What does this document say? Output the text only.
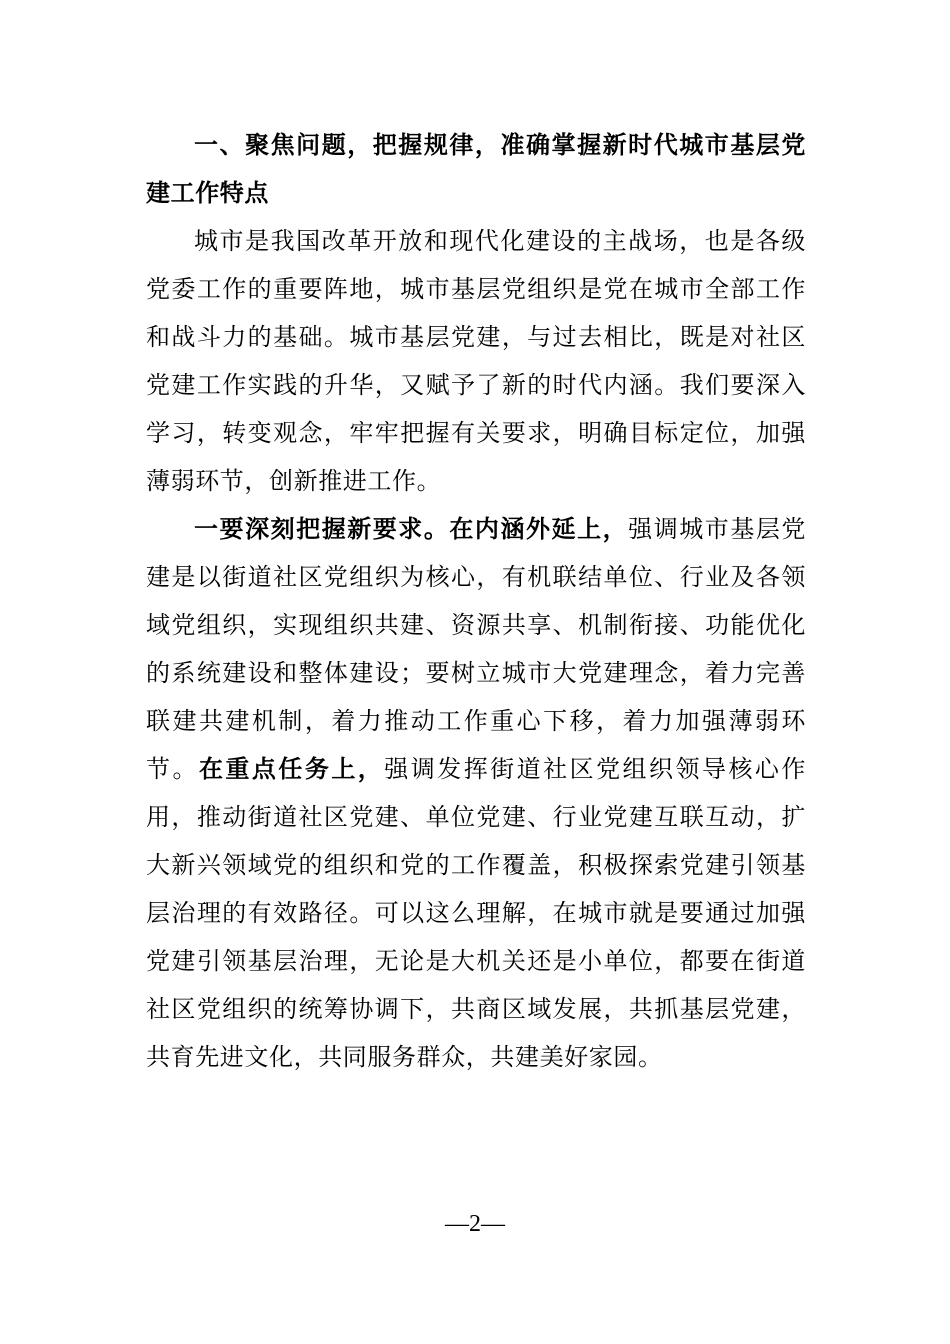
一、聚焦问题，把握规律，准确掌握新时代城市基层党建工作特点

城市是我国改革开放和现代化建设的主战场，也是各级党委工作的重要阵地，城市基层党组织是党在城市全部工作和战斗力的基础。城市基层党建，与过去相比，既是对社区党建工作实践的升华，又赋予了新的时代内涵。我们要深入学习，转变观念，牢牢把握有关要求，明确目标定位，加强薄弱环节，创新推进工作。

一要深刻把握新要求。在内涵外延上，强调城市基层党建是以街道社区党组织为核心，有机联结单位、行业及各领域党组织，实现组织共建、资源共享、机制衔接、功能优化的系统建设和整体建设；要树立城市大党建理念，着力完善联建共建机制，着力推动工作重心下移，着力加强薄弱环节。在重点任务上，强调发挥街道社区党组织领导核心作用，推动街道社区党建、单位党建、行业党建互联互动，扩大新兴领域党的组织和党的工作覆盖，积极探索党建引领基层治理的有效路径。可以这么理解，在城市就是要通过加强党建引领基层治理，无论是大机关还是小单位，都要在街道社区党组织的统筹协调下，共商区域发展，共抓基层党建，共育先进文化，共同服务群众，共建美好家园。

—2—
